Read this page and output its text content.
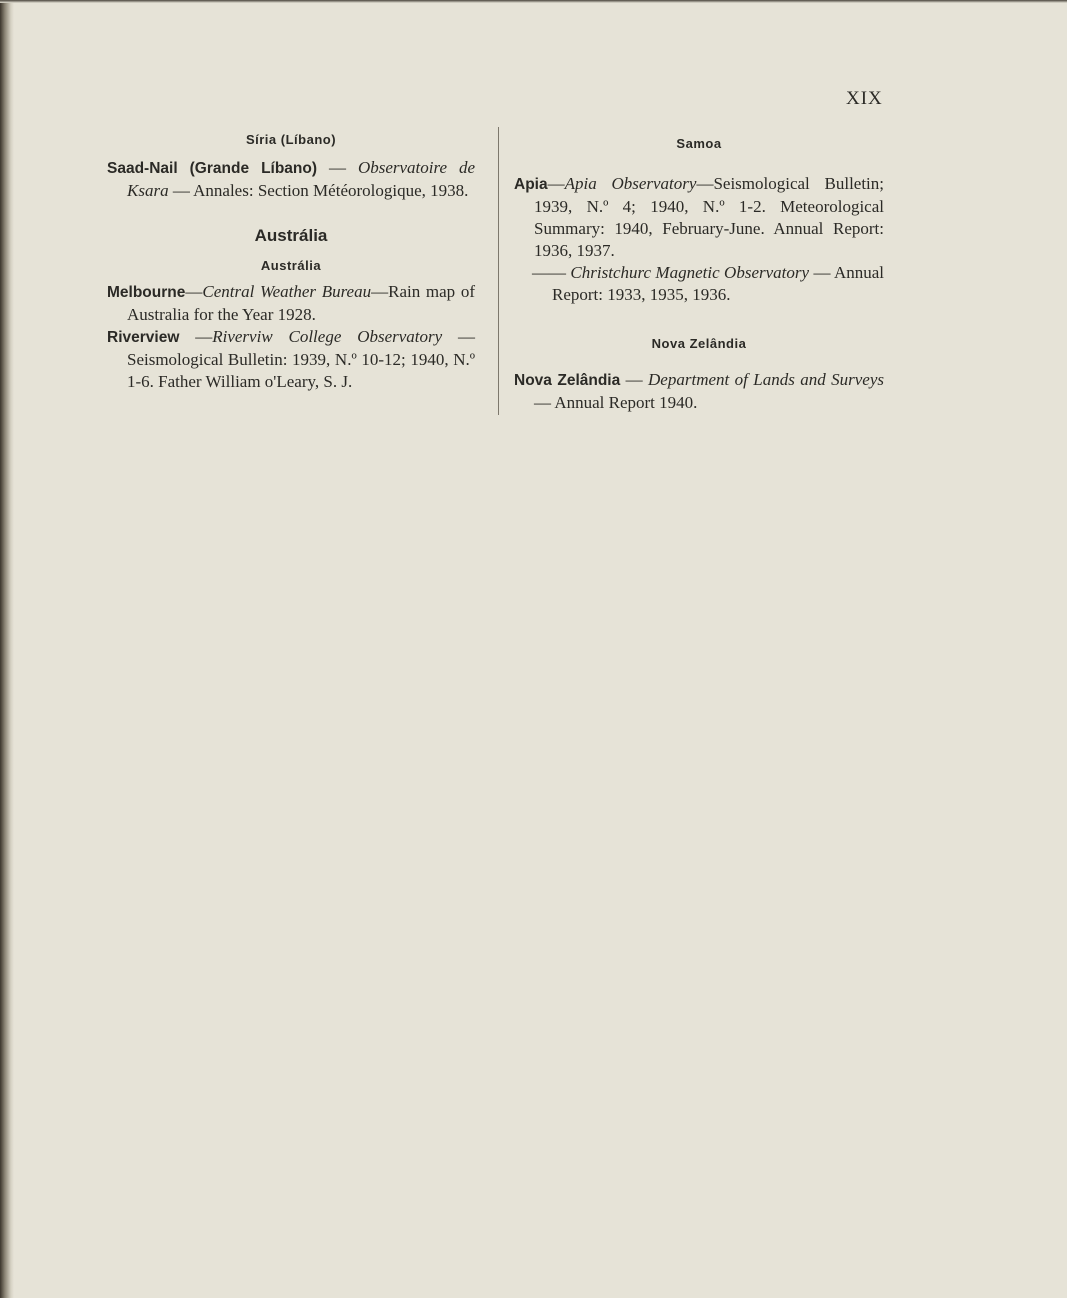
XIX
Síria (Líbano)
Saad-Nail (Grande Líbano) — Observatoire de Ksara — Annales: Section Météorologique, 1938.
Austrália
Austrália
Melbourne—Central Weather Bureau—Rain map of Australia for the Year 1928.
Riverview —Riverviw College Observatory — Seismological Bulletin: 1939, N.º 10-12; 1940, N.º 1-6. Father William o'Leary, S. J.
Samoa
Apia—Apia Observatory—Seismological Bulletin; 1939, N.º 4; 1940, N.º 1-2. Meteorological Summary: 1940, February-June. Annual Report: 1936, 1937.
—— Christchurc Magnetic Observatory — Annual Report: 1933, 1935, 1936.
Nova Zelândia
Nova Zelândia — Department of Lands and Surveys — Annual Report 1940.
